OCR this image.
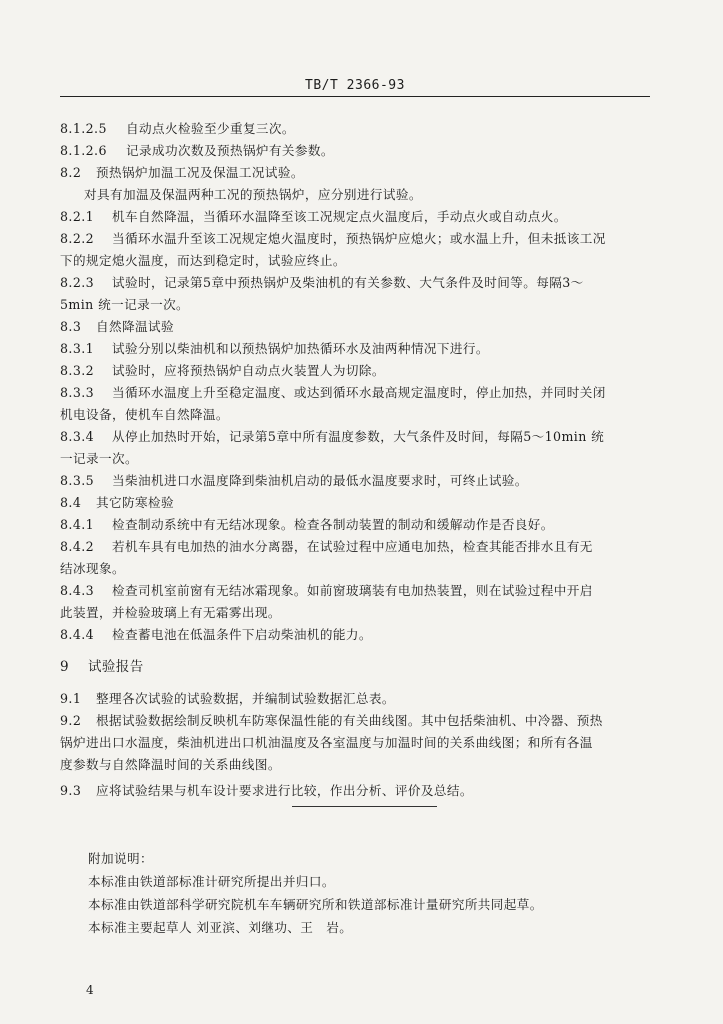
TB/T 2366-93
8.1.2.5 自动点火检验至少重复三次。
8.1.2.6 记录成功次数及预热锅炉有关参数。
8.2 预热锅炉加温工况及保温工况试验。
对具有加温及保温两种工况的预热锅炉，应分别进行试验。
8.2.1 机车自然降温，当循环水温降至该工况规定点火温度后，手动点火或自动点火。
8.2.2 当循环水温升至该工况规定熄火温度时，预热锅炉应熄火；或水温上升，但未抵该工况
下的规定熄火温度，而达到稳定时，试验应终止。
8.2.3 试验时，记录第5章中预热锅炉及柴油机的有关参数、大气条件及时间等。每隔3～
5min 统一记录一次。
8.3 自然降温试验
8.3.1 试验分别以柴油机和以预热锅炉加热循环水及油两种情况下进行。
8.3.2 试验时，应将预热锅炉自动点火装置人为切除。
8.3.3 当循环水温度上升至稳定温度、或达到循环水最高规定温度时，停止加热，并同时关闭
机电设备，使机车自然降温。
8.3.4 从停止加热时开始，记录第5章中所有温度参数，大气条件及时间，每隔5～10min 统
一记录一次。
8.3.5 当柴油机进口水温度降到柴油机启动的最低水温度要求时，可终止试验。
8.4 其它防寒检验
8.4.1 检查制动系统中有无结冰现象。检查各制动装置的制动和缓解动作是否良好。
8.4.2 若机车具有电加热的油水分离器，在试验过程中应通电加热，检查其能否排水且有无
结冰现象。
8.4.3 检查司机室前窗有无结冰霜现象。如前窗玻璃装有电加热装置，则在试验过程中开启
此装置，并检验玻璃上有无霜雾出现。
8.4.4 检查蓄电池在低温条件下启动柴油机的能力。
9 试验报告
9.1 整理各次试验的试验数据，并编制试验数据汇总表。
9.2 根据试验数据绘制反映机车防寒保温性能的有关曲线图。其中包括柴油机、中冷器、预热
锅炉进出口水温度，柴油机进出口机油温度及各室温度与加温时间的关系曲线图；和所有各温
度参数与自然降温时间的关系曲线图。
9.3 应将试验结果与机车设计要求进行比较，作出分析、评价及总结。
附加说明：
本标准由铁道部标准计研究所提出并归口。
本标准由铁道部科学研究院机车车辆研究所和铁道部标准计量研究所共同起草。
本标准主要起草人 刘亚滨、刘继功、王　岩。
4
